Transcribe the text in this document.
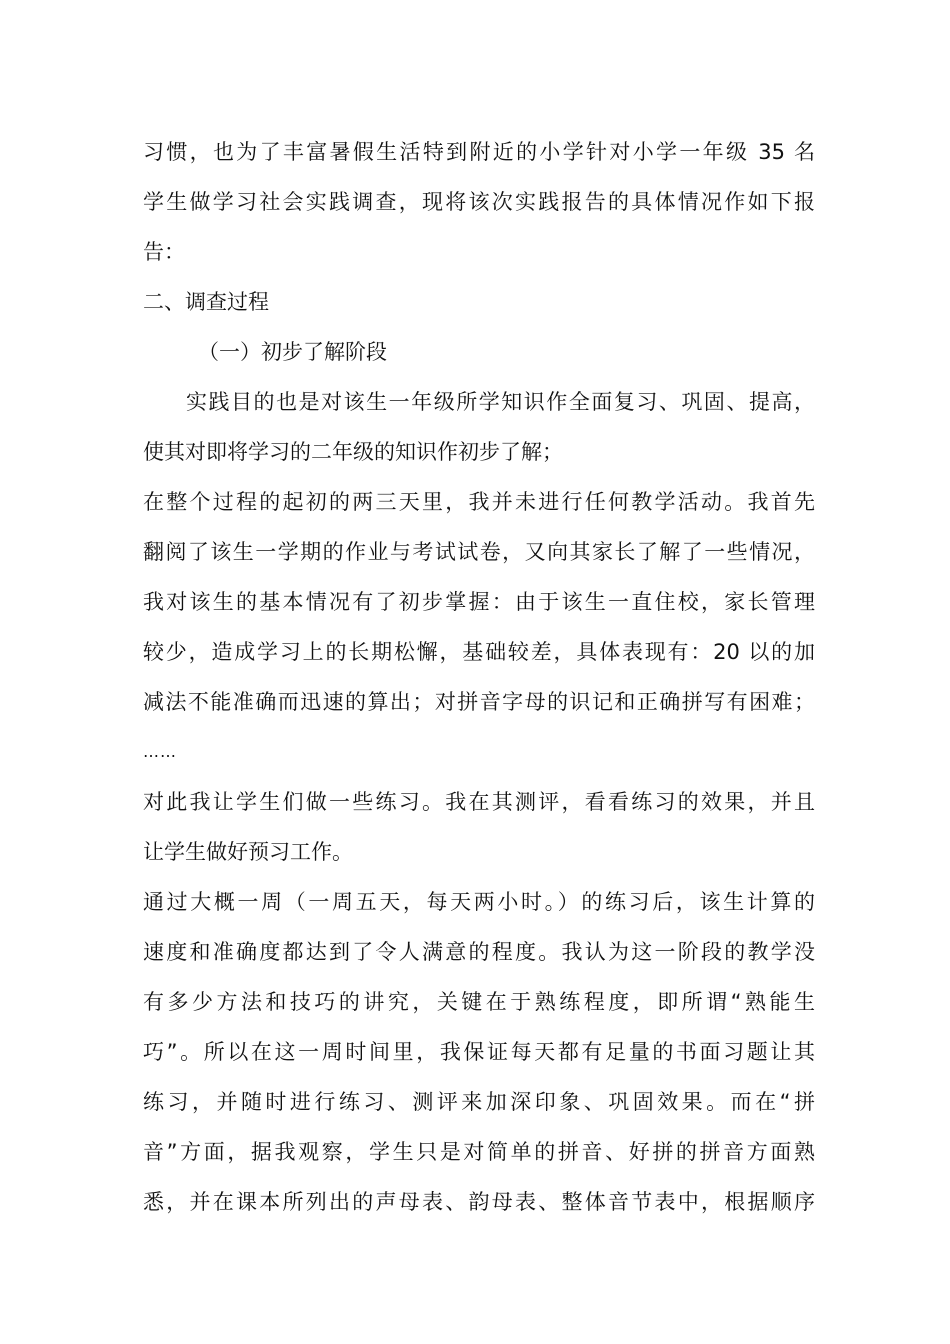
习惯，也为了丰富暑假生活特到附近的小学针对小学一年级 35 名
学生做学习社会实践调查，现将该次实践报告的具体情况作如下报
告：
二、调查过程
（一）初步了解阶段
实践目的也是对该生一年级所学知识作全面复习、巩固、提高，
使其对即将学习的二年级的知识作初步了解；
在整个过程的起初的两三天里，我并未进行任何教学活动。我首先
翻阅了该生一学期的作业与考试试卷，又向其家长了解了一些情况，
我对该生的基本情况有了初步掌握：由于该生一直住校，家长管理
较少，造成学习上的长期松懈，基础较差，具体表现有：20 以的加
减法不能准确而迅速的算出；对拼音字母的识记和正确拼写有困难；
……
对此我让学生们做一些练习。我在其测评，看看练习的效果，并且
让学生做好预习工作。
通过大概一周（一周五天，每天两小时。）的练习后，该生计算的
速度和准确度都达到了令人满意的程度。我认为这一阶段的教学没
有多少方法和技巧的讲究，关键在于熟练程度，即所谓“熟能生
巧”。所以在这一周时间里，我保证每天都有足量的书面习题让其
练习，并随时进行练习、测评来加深印象、巩固效果。而在“拼
音”方面，据我观察，学生只是对简单的拼音、好拼的拼音方面熟
悉，并在课本所列出的声母表、韵母表、整体音节表中，根据顺序
